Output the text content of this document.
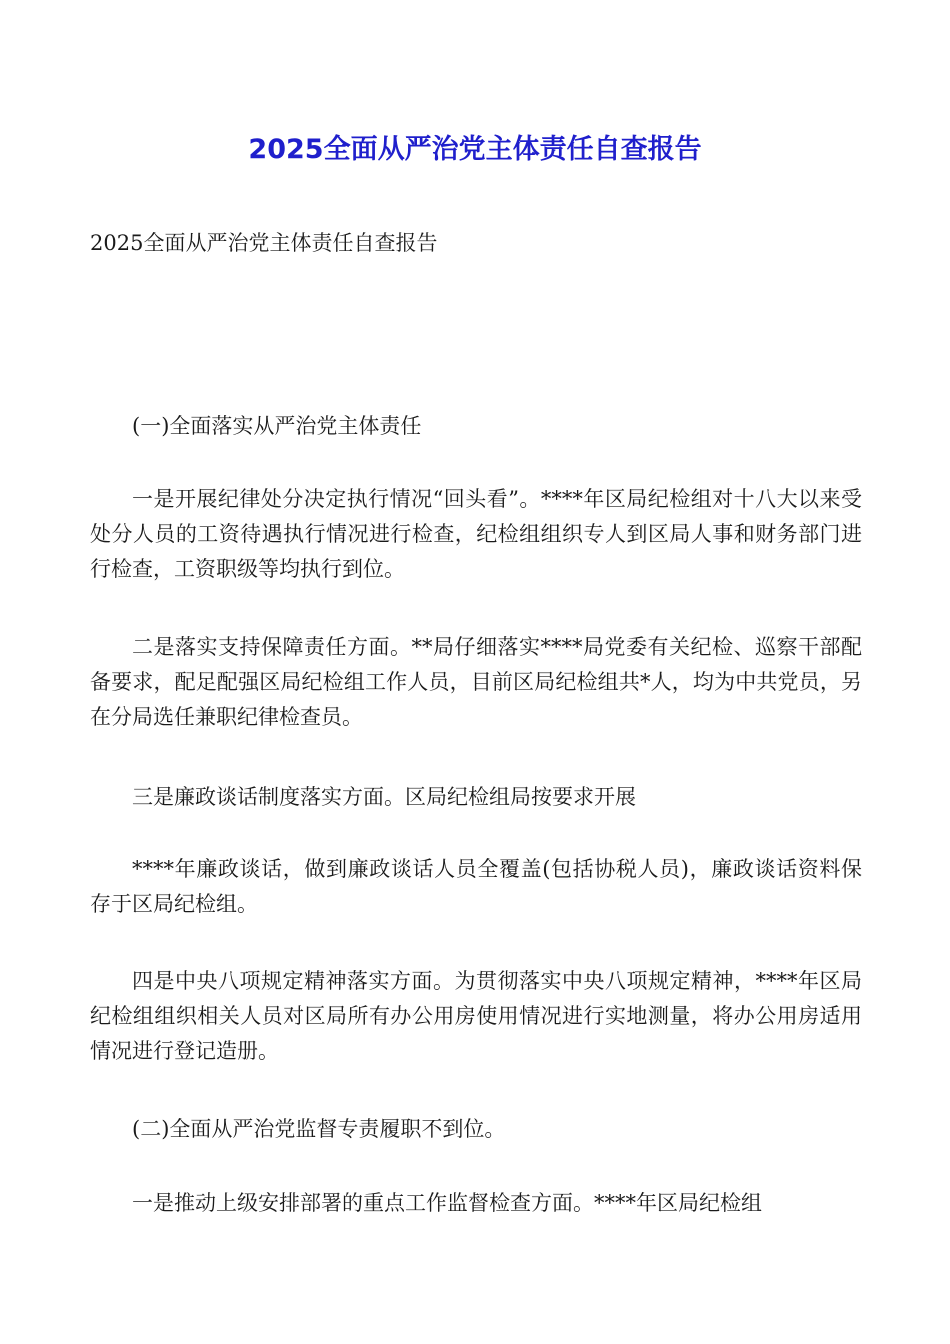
2025全面从严治党主体责任自查报告
2025全面从严治党主体责任自查报告

(一)全面落实从严治党主体责任

一是开展纪律处分决定执行情况“回头看”。****年区局纪检组对十八大以来受处分人员的工资待遇执行情况进行检查，纪检组组织专人到区局人事和财务部门进行检查，工资职级等均执行到位。

二是落实支持保障责任方面。**局仔细落实****局党委有关纪检、巡察干部配备要求，配足配强区局纪检组工作人员，目前区局纪检组共*人，均为中共党员，另在分局选任兼职纪律检查员。

三是廉政谈话制度落实方面。区局纪检组局按要求开展

****年廉政谈话，做到廉政谈话人员全覆盖(包括协税人员)，廉政谈话资料保存于区局纪检组。

四是中央八项规定精神落实方面。为贯彻落实中央八项规定精神，****年区局纪检组组织相关人员对区局所有办公用房使用情况进行实地测量，将办公用房适用情况进行登记造册。

(二)全面从严治党监督专责履职不到位。

一是推动上级安排部署的重点工作监督检查方面。****年区局纪检组
